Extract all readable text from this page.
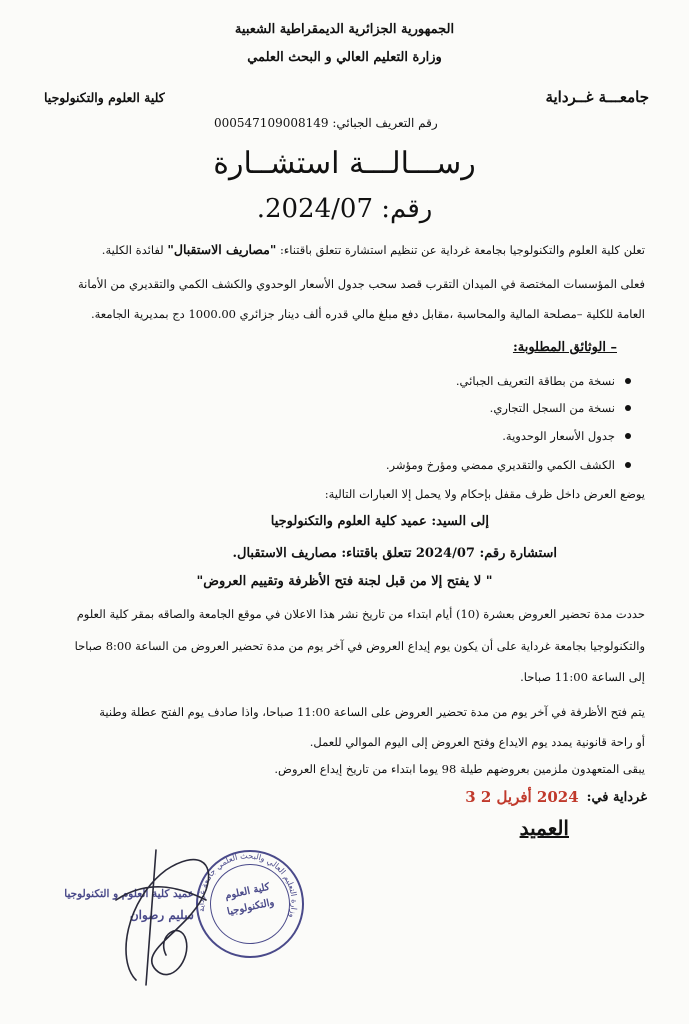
الجمهورية الجزائرية الديمقراطية الشعبية
وزارة التعليم العالي و البحث العلمي
جامعـــة غــرداية
كلية العلوم والتكنولوجيا
رقم التعريف الجبائي: 000547109008149
رســـالـــة استشــارة
رقم: 2024/07.
تعلن كلية العلوم والتكنولوجيا بجامعة غرداية عن تنظيم استشارة تتعلق باقتناء: "مصاريف الاستقبال" لفائدة الكلية.
فعلى المؤسسات المختصة في الميدان التقرب قصد سحب جدول الأسعار الوحدوي والكشف الكمي والتقديري من الأمانة
العامة للكلية –مصلحة المالية والمحاسبة ،مقابل دفع مبلغ مالي قدره ألف دينار جزائري 1000.00 دج بمديرية الجامعة.
– الوثائق المطلوبة:
نسخة من بطاقة التعريف الجبائي.
نسخة من السجل التجاري.
جدول الأسعار الوحدوية.
الكشف الكمي والتقديري ممضي ومؤرخ ومؤشر.
يوضع العرض داخل ظرف مقفل بإحكام ولا يحمل إلا العبارات التالية:
إلى السيد: عميد كلية العلوم والتكنولوجيا
استشارة رقم: 2024/07 تتعلق باقتناء: مصاريف الاستقبال.
" لا يفتح إلا من قبل لجنة فتح الأظرفة وتقييم العروض"
حددت مدة تحضير العروض بعشرة (10) أيام ابتداء من تاريخ نشر هذا الاعلان في موقع الجامعة والصاقه بمقر كلية العلوم
والتكنولوجيا بجامعة غرداية على أن يكون يوم إيداع العروض في آخر يوم من مدة تحضير العروض من الساعة 8:00 صباحا
إلى الساعة 11:00 صباحا.
يتم فتح الأظرفة في آخر يوم من مدة تحضير العروض على الساعة 11:00 صباحا، واذا صادف يوم الفتح عطلة وطنية
أو راحة قانونية يمدد يوم الايداع وفتح العروض إلى اليوم الموالي للعمل.
يبقى المتعهدون ملزمين بعروضهم طيلة 98 يوما ابتداء من تاريخ إيداع العروض.
غرداية في:
2024 أفريل 2 3
العميد
وزارة التعليم العالي والبحث العلمي جامعة غرداية
كلية العلوم
والتكنولوجيا
عميد كلية العلوم و التكنولوجيا
سليم رضوان
